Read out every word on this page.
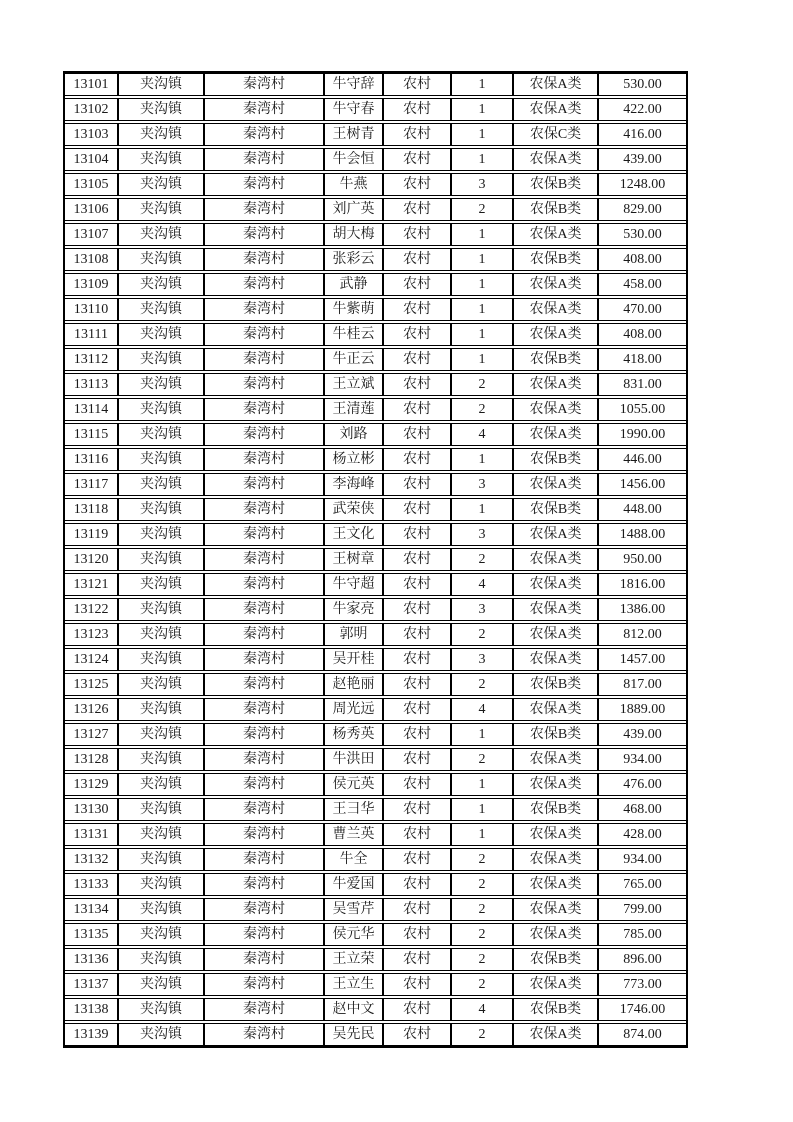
13101	夹沟镇	秦湾村	牛守辞	农村	1	农保A类	530.00
13102	夹沟镇	秦湾村	牛守春	农村	1	农保A类	422.00
13103	夹沟镇	秦湾村	王树青	农村	1	农保C类	416.00
13104	夹沟镇	秦湾村	牛会恒	农村	1	农保A类	439.00
13105	夹沟镇	秦湾村	牛燕	农村	3	农保B类	1248.00
13106	夹沟镇	秦湾村	刘广英	农村	2	农保B类	829.00
13107	夹沟镇	秦湾村	胡大梅	农村	1	农保A类	530.00
13108	夹沟镇	秦湾村	张彩云	农村	1	农保B类	408.00
13109	夹沟镇	秦湾村	武静	农村	1	农保A类	458.00
13110	夹沟镇	秦湾村	牛紫萌	农村	1	农保A类	470.00
13111	夹沟镇	秦湾村	牛桂云	农村	1	农保A类	408.00
13112	夹沟镇	秦湾村	牛正云	农村	1	农保B类	418.00
13113	夹沟镇	秦湾村	王立斌	农村	2	农保A类	831.00
13114	夹沟镇	秦湾村	王清莲	农村	2	农保A类	1055.00
13115	夹沟镇	秦湾村	刘路	农村	4	农保A类	1990.00
13116	夹沟镇	秦湾村	杨立彬	农村	1	农保B类	446.00
13117	夹沟镇	秦湾村	李海峰	农村	3	农保A类	1456.00
13118	夹沟镇	秦湾村	武荣侠	农村	1	农保B类	448.00
13119	夹沟镇	秦湾村	王文化	农村	3	农保A类	1488.00
13120	夹沟镇	秦湾村	王树章	农村	2	农保A类	950.00
13121	夹沟镇	秦湾村	牛守超	农村	4	农保A类	1816.00
13122	夹沟镇	秦湾村	牛家亮	农村	3	农保A类	1386.00
13123	夹沟镇	秦湾村	郭明	农村	2	农保A类	812.00
13124	夹沟镇	秦湾村	吴开桂	农村	3	农保A类	1457.00
13125	夹沟镇	秦湾村	赵艳丽	农村	2	农保B类	817.00
13126	夹沟镇	秦湾村	周光远	农村	4	农保A类	1889.00
13127	夹沟镇	秦湾村	杨秀英	农村	1	农保B类	439.00
13128	夹沟镇	秦湾村	牛洪田	农村	2	农保A类	934.00
13129	夹沟镇	秦湾村	侯元英	农村	1	农保A类	476.00
13130	夹沟镇	秦湾村	王彐华	农村	1	农保B类	468.00
13131	夹沟镇	秦湾村	曹兰英	农村	1	农保A类	428.00
13132	夹沟镇	秦湾村	牛全	农村	2	农保A类	934.00
13133	夹沟镇	秦湾村	牛爱国	农村	2	农保A类	765.00
13134	夹沟镇	秦湾村	吴雪芹	农村	2	农保A类	799.00
13135	夹沟镇	秦湾村	侯元华	农村	2	农保A类	785.00
13136	夹沟镇	秦湾村	王立荣	农村	2	农保B类	896.00
13137	夹沟镇	秦湾村	王立生	农村	2	农保A类	773.00
13138	夹沟镇	秦湾村	赵中文	农村	4	农保B类	1746.00
13139	夹沟镇	秦湾村	吴先民	农村	2	农保A类	874.00
